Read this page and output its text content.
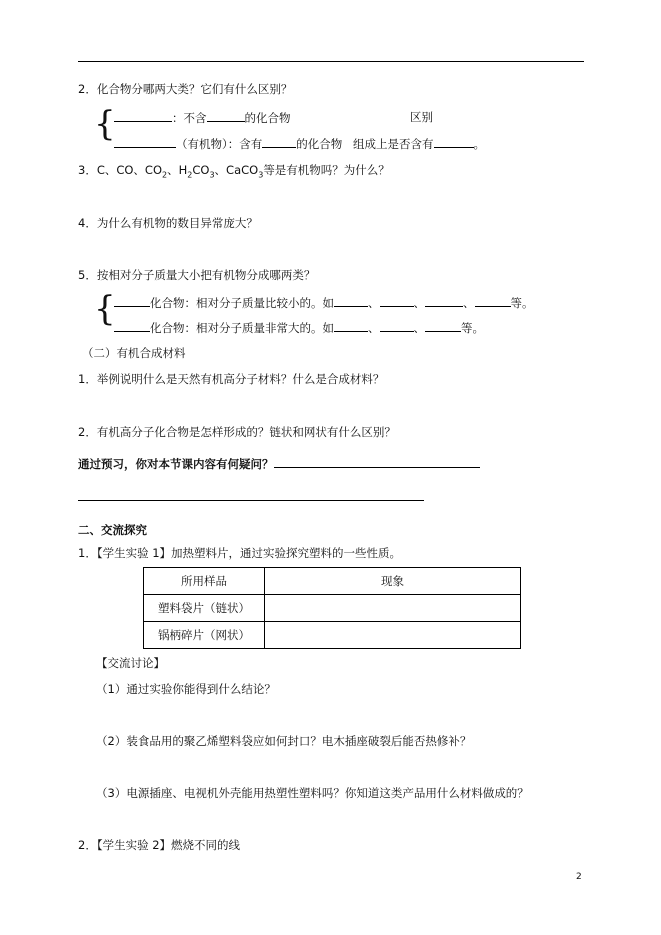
2．化合物分哪两大类？它们有什么区别？
{	：不含	的化合物	区别
（有机物）：含有	的化合物 组成上是否含有	。
3．C、CO、$CO_2$、$H_2CO_3$、CaCO$_3$等是有机物吗？为什么？
4．为什么有机物的数目异常庞大？
5．按相对分子质量大小把有机物分成哪两类？
{	化合物：相对分子质量比较小的。如	、	、	、	等。
化合物：相对分子质量非常大的。如	、	、	等。
（二）有机合成材料
1．举例说明什么是天然有机高分子材料？什么是合成材料？
2．有机高分子化合物是怎样形成的？链状和网状有什么区别？
通过预习，你对本节课内容有何疑问？
二、交流探究
1．【学生实验 1】加热塑料片，通过实验探究塑料的一些性质。
所用样品	现象
塑料袋片（链状）	
锅柄碎片（网状）	
【交流讨论】
（1）通过实验你能得到什么结论？
（2）装食品用的聚乙烯塑料袋应如何封口？电木插座破裂后能否热修补？
（3）电源插座、电视机外壳能用热塑性塑料吗？你知道这类产品用什么材料做成的？
2．【学生实验 2】燃烧不同的线
2
